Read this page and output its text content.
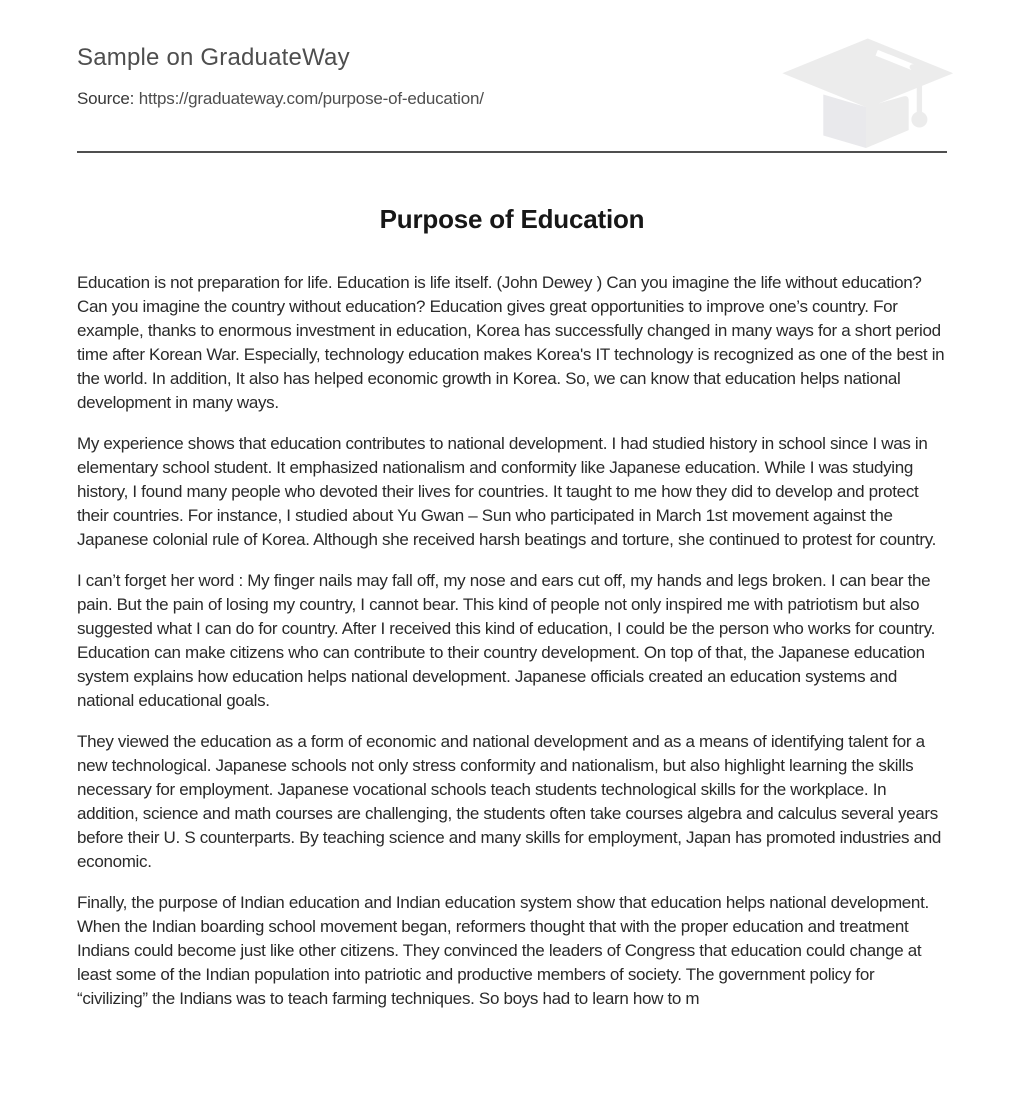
Sample on GraduateWay
Source: https://graduateway.com/purpose-of-education/
Purpose of Education

Education is not preparation for life. Education is life itself. (John Dewey ) Can you imagine the life without education? Can you imagine the country without education? Education gives great opportunities to improve one’s country. For example, thanks to enormous investment in education, Korea has successfully changed in many ways for a short period time after Korean War. Especially, technology education makes Korea's IT technology is recognized as one of the best in the world. In addition, It also has helped economic growth in Korea. So, we can know that education helps national development in many ways.

My experience shows that education contributes to national development. I had studied history in school since I was in elementary school student. It emphasized nationalism and conformity like Japanese education. While I was studying history, I found many people who devoted their lives for countries. It taught to me how they did to develop and protect their countries. For instance, I studied about Yu Gwan – Sun who participated in March 1st movement against the Japanese colonial rule of Korea. Although she received harsh beatings and torture, she continued to protest for country.

I can’t forget her word : My finger nails may fall off, my nose and ears cut off, my hands and legs broken. I can bear the pain. But the pain of losing my country, I cannot bear. This kind of people not only inspired me with patriotism but also suggested what I can do for country. After I received this kind of education, I could be the person who works for country. Education can make citizens who can contribute to their country development. On top of that, the Japanese education system explains how education helps national development. Japanese officials created an education systems and national educational goals.

They viewed the education as a form of economic and national development and as a means of identifying talent for a new technological. Japanese schools not only stress conformity and nationalism, but also highlight learning the skills necessary for employment. Japanese vocational schools teach students technological skills for the workplace. In addition, science and math courses are challenging, the students often take courses algebra and calculus several years before their U. S counterparts. By teaching science and many skills for employment, Japan has promoted industries and economic.

Finally, the purpose of Indian education and Indian education system show that education helps national development. When the Indian boarding school movement began, reformers thought that with the proper education and treatment Indians could become just like other citizens. They convinced the leaders of Congress that education could change at least some of the Indian population into patriotic and productive members of society. The government policy for “civilizing” the Indians was to teach farming techniques. So boys had to learn how to m
